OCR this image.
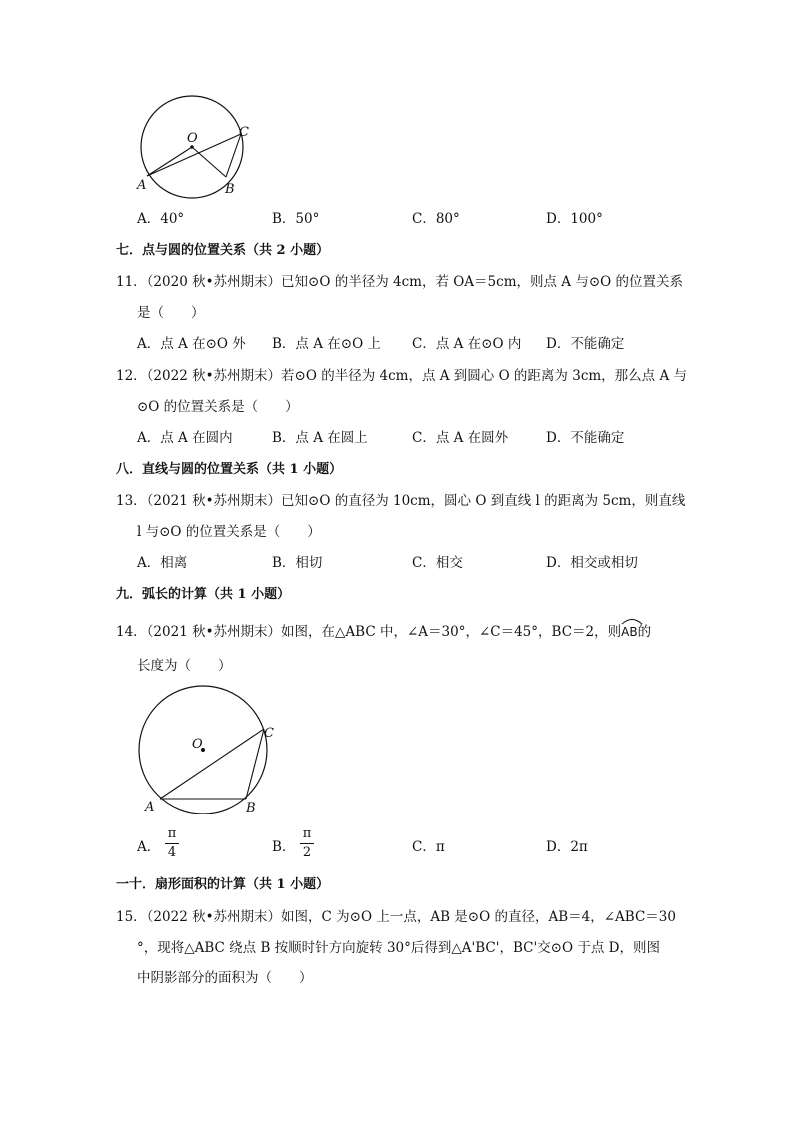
O
A	B
C
A．40°	B．50°	C．80°	D．100°
七．点与圆的位置关系（共 2 小题）
11．（2020 秋•苏州期末）已知⊙O 的半径为 4cm，若 OA＝5cm，则点 A 与⊙O 的位置关系
是（　　）
A．点 A 在⊙O 外 B．点 A 在⊙O 上 C．点 A 在⊙O 内 D．不能确定
12．（2022 秋•苏州期末）若⊙O 的半径为 4cm，点 A 到圆心 O 的距离为 3cm，那么点 A 与
⊙O 的位置关系是（　　）
A．点 A 在圆内	B．点 A 在圆上	C．点 A 在圆外	D．不能确定
八．直线与圆的位置关系（共 1 小题）
13．（2021 秋•苏州期末）已知⊙O 的直径为 10cm，圆心 O 到直线 l 的距离为 5cm，则直线
l 与⊙O 的位置关系是（　　）
A．相离	B．相切	C．相交	D．相交或相切
九．弧长的计算（共 1 小题）
14．（2021 秋•苏州期末）如图，在△ABC 中，∠A＝30°，∠C＝45°，BC＝2，则
AB的
长度为（　　）
O
A	B
C
A．
π
4	B．
π
2	C．π	D．2π
一十．扇形面积的计算（共 1 小题）
15．（2022 秋•苏州期末）如图，C 为⊙O 上一点，AB 是⊙O 的直径，AB＝4，∠ABC＝30
°，现将△ABC 绕点 B 按顺时针方向旋转 30°后得到△A'BC'，BC'交⊙O 于点 D，则图
中阴影部分的面积为（　　）
